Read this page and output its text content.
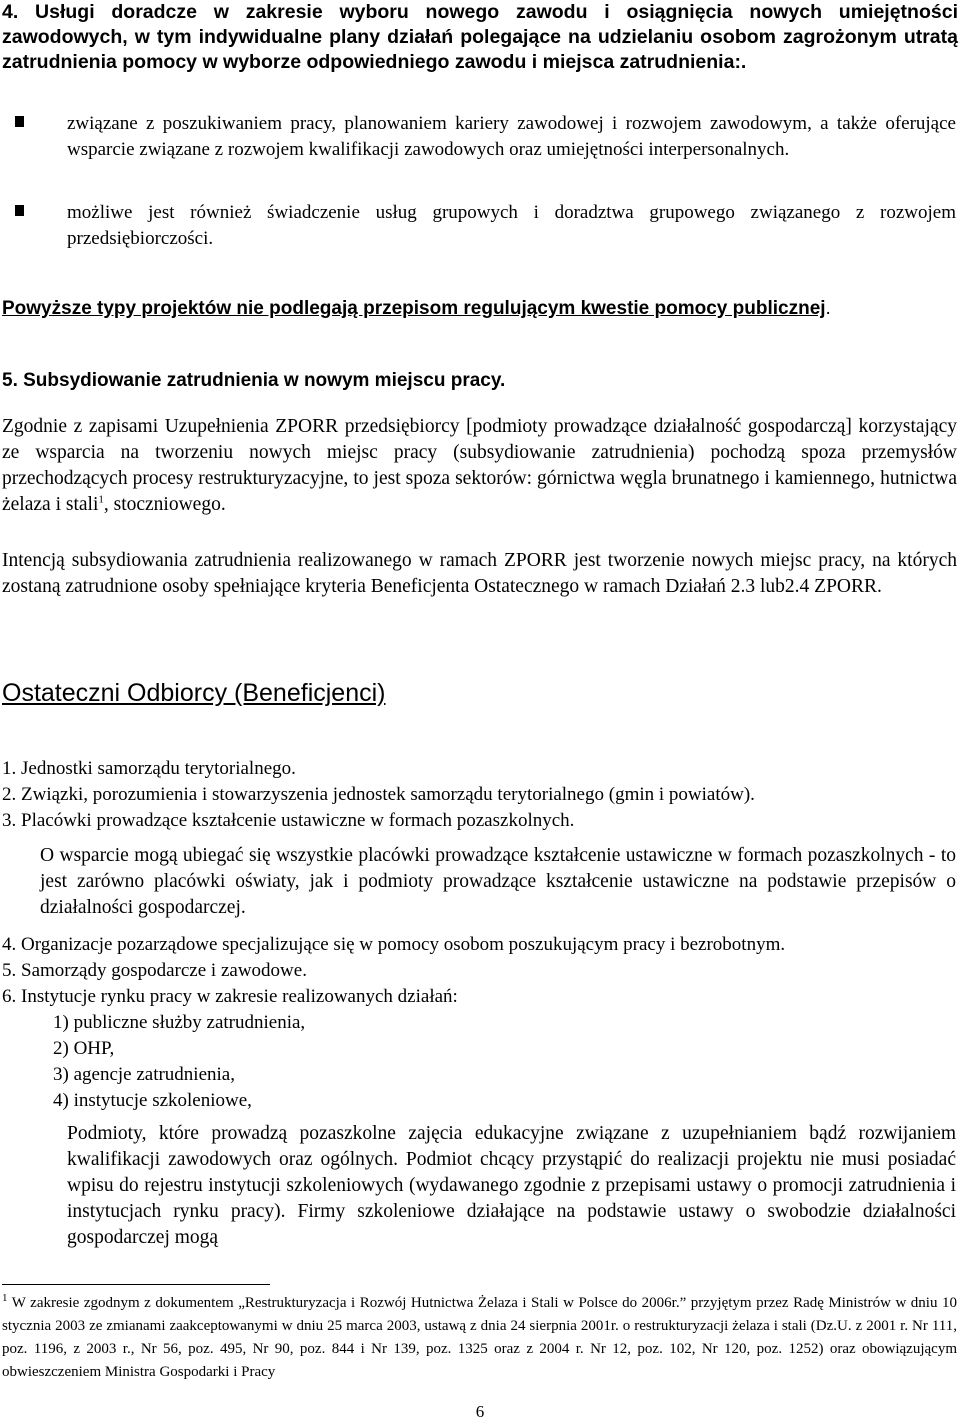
4. Usługi doradcze w zakresie wyboru nowego zawodu i osiągnięcia nowych umiejętności zawodowych, w tym indywidualne plany działań polegające na udzielaniu osobom zagrożonym utratą zatrudnienia pomocy w wyborze odpowiedniego zawodu i miejsca zatrudnienia:.
związane z poszukiwaniem pracy, planowaniem kariery zawodowej i rozwojem zawodowym, a także oferujące wsparcie związane z rozwojem kwalifikacji zawodowych oraz umiejętności interpersonalnych.
możliwe jest również świadczenie usług grupowych i doradztwa grupowego związanego z rozwojem przedsiębiorczości.
Powyższe typy projektów nie podlegają przepisom regulującym kwestie pomocy publicznej.
5. Subsydiowanie zatrudnienia w nowym miejscu pracy.
Zgodnie z zapisami Uzupełnienia ZPORR przedsiębiorcy [podmioty prowadzące działalność gospodarczą] korzystający ze wsparcia na tworzeniu nowych miejsc pracy (subsydiowanie zatrudnienia) pochodzą spoza przemysłów przechodzących procesy restrukturyzacyjne, to jest spoza sektorów: górnictwa węgla brunatnego i kamiennego, hutnictwa żelaza i stali$^1$, stoczniowego.
Intencją subsydiowania zatrudnienia realizowanego w ramach ZPORR jest tworzenie nowych miejsc pracy, na których zostaną zatrudnione osoby spełniające kryteria Beneficjenta Ostatecznego w ramach Działań 2.3 lub2.4 ZPORR.
Ostateczni Odbiorcy (Beneficjenci)
1. Jednostki samorządu terytorialnego.
2. Związki, porozumienia i stowarzyszenia jednostek samorządu terytorialnego (gmin i powiatów).
3. Placówki prowadzące kształcenie ustawiczne w formach pozaszkolnych.
O wsparcie mogą ubiegać się wszystkie placówki prowadzące kształcenie ustawiczne w formach pozaszkolnych - to jest zarówno placówki oświaty, jak i podmioty prowadzące kształcenie ustawiczne na podstawie przepisów o działalności gospodarczej.
4. Organizacje pozarządowe specjalizujące się w pomocy osobom poszukującym pracy i bezrobotnym.
5. Samorządy gospodarcze i zawodowe.
6. Instytucje rynku pracy w zakresie realizowanych działań:
1) publiczne służby zatrudnienia,
2) OHP,
3) agencje zatrudnienia,
4) instytucje szkoleniowe,
Podmioty, które prowadzą pozaszkolne zajęcia edukacyjne związane z uzupełnianiem bądź rozwijaniem kwalifikacji zawodowych oraz ogólnych. Podmiot chcący przystąpić do realizacji projektu nie musi posiadać wpisu do rejestru instytucji szkoleniowych (wydawanego zgodnie z przepisami ustawy o promocji zatrudnienia i instytucjach rynku pracy). Firmy szkoleniowe działające na podstawie ustawy o swobodzie działalności gospodarczej mogą
$^1$ W zakresie zgodnym z dokumentem „Restrukturyzacja i Rozwój Hutnictwa Żelaza i Stali w Polsce do 2006r.” przyjętym przez Radę Ministrów w dniu 10 stycznia 2003 ze zmianami zaakceptowanymi w dniu 25 marca 2003, ustawą z dnia 24 sierpnia 2001r. o restrukturyzacji żelaza i stali (Dz.U. z 2001 r. Nr 111, poz. 1196, z 2003 r., Nr 56, poz. 495, Nr 90, poz. 844 i Nr 139, poz. 1325 oraz z 2004 r. Nr 12, poz. 102, Nr 120, poz. 1252) oraz obowiązującym obwieszczeniem Ministra Gospodarki i Pracy
6
